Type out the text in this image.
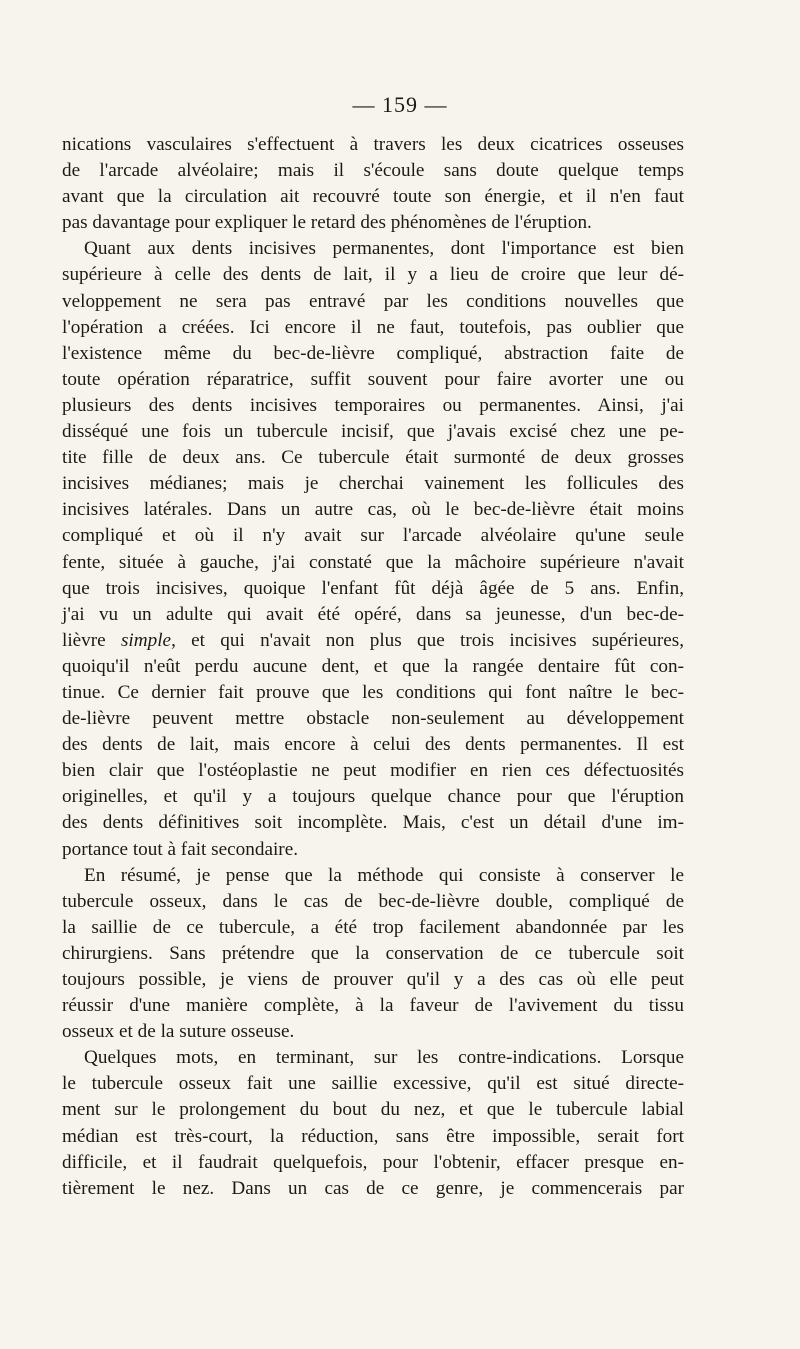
— 159 —
nications vasculaires s'effectuent à travers les deux cicatrices osseuses
de l'arcade alvéolaire; mais il s'écoule sans doute quelque temps
avant que la circulation ait recouvré toute son énergie, et il n'en faut
pas davantage pour expliquer le retard des phénomènes de l'éruption.
Quant aux dents incisives permanentes, dont l'importance est bien
supérieure à celle des dents de lait, il y a lieu de croire que leur dé-
veloppement ne sera pas entravé par les conditions nouvelles que
l'opération a créées. Ici encore il ne faut, toutefois, pas oublier que
l'existence même du bec-de-lièvre compliqué, abstraction faite de
toute opération réparatrice, suffit souvent pour faire avorter une ou
plusieurs des dents incisives temporaires ou permanentes. Ainsi, j'ai
disséqué une fois un tubercule incisif, que j'avais excisé chez une pe-
tite fille de deux ans. Ce tubercule était surmonté de deux grosses
incisives médianes; mais je cherchai vainement les follicules des
incisives latérales. Dans un autre cas, où le bec-de-lièvre était moins
compliqué et où il n'y avait sur l'arcade alvéolaire qu'une seule
fente, située à gauche, j'ai constaté que la mâchoire supérieure n'avait
que trois incisives, quoique l'enfant fût déjà âgée de 5 ans. Enfin,
j'ai vu un adulte qui avait été opéré, dans sa jeunesse, d'un bec-de-
lièvre simple, et qui n'avait non plus que trois incisives supérieures,
quoiqu'il n'eût perdu aucune dent, et que la rangée dentaire fût con-
tinue. Ce dernier fait prouve que les conditions qui font naître le bec-
de-lièvre peuvent mettre obstacle non-seulement au développement
des dents de lait, mais encore à celui des dents permanentes. Il est
bien clair que l'ostéoplastie ne peut modifier en rien ces défectuosités
originelles, et qu'il y a toujours quelque chance pour que l'éruption
des dents définitives soit incomplète. Mais, c'est un détail d'une im-
portance tout à fait secondaire.
En résumé, je pense que la méthode qui consiste à conserver le
tubercule osseux, dans le cas de bec-de-lièvre double, compliqué de
la saillie de ce tubercule, a été trop facilement abandonnée par les
chirurgiens. Sans prétendre que la conservation de ce tubercule soit
toujours possible, je viens de prouver qu'il y a des cas où elle peut
réussir d'une manière complète, à la faveur de l'avivement du tissu
osseux et de la suture osseuse.
Quelques mots, en terminant, sur les contre-indications. Lorsque
le tubercule osseux fait une saillie excessive, qu'il est situé directe-
ment sur le prolongement du bout du nez, et que le tubercule labial
médian est très-court, la réduction, sans être impossible, serait fort
difficile, et il faudrait quelquefois, pour l'obtenir, effacer presque en-
tièrement le nez. Dans un cas de ce genre, je commencerais par
